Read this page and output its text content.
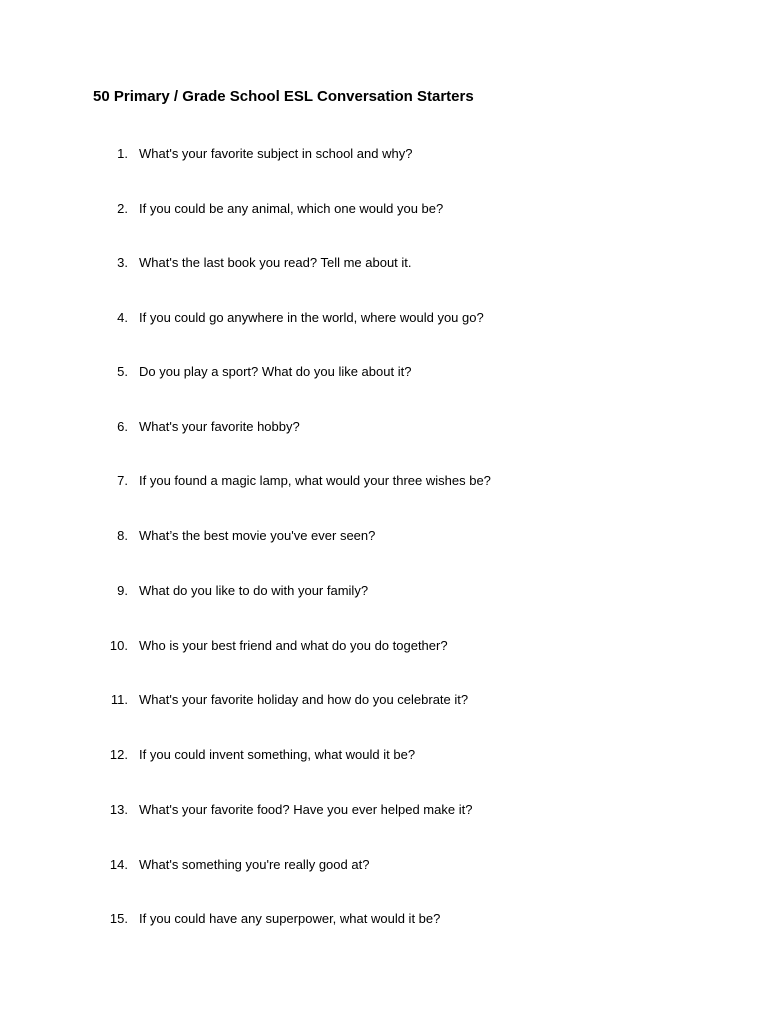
50 Primary / Grade School ESL Conversation Starters
1. What's your favorite subject in school and why?
2. If you could be any animal, which one would you be?
3. What's the last book you read? Tell me about it.
4. If you could go anywhere in the world, where would you go?
5. Do you play a sport? What do you like about it?
6. What's your favorite hobby?
7. If you found a magic lamp, what would your three wishes be?
8. What’s the best movie you've ever seen?
9. What do you like to do with your family?
10. Who is your best friend and what do you do together?
11. What's your favorite holiday and how do you celebrate it?
12. If you could invent something, what would it be?
13. What's your favorite food? Have you ever helped make it?
14. What's something you're really good at?
15. If you could have any superpower, what would it be?
